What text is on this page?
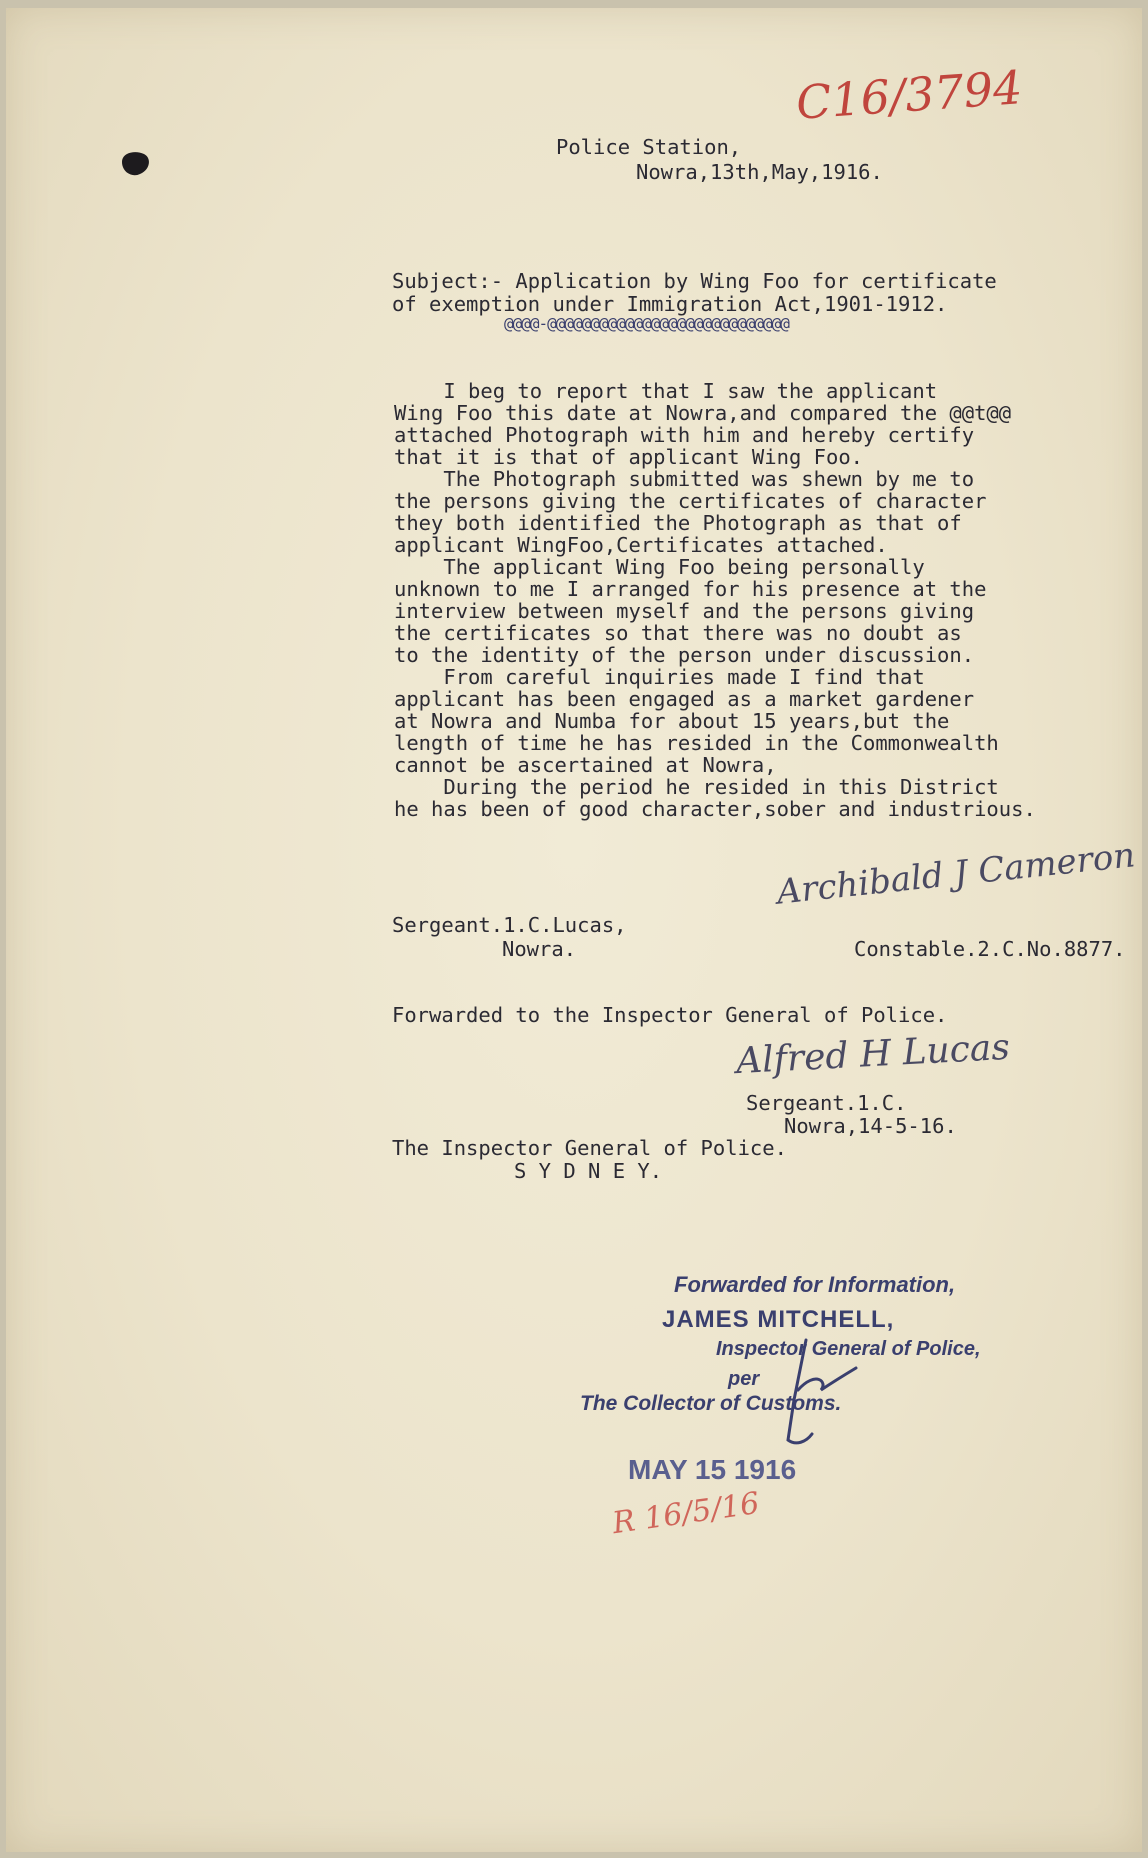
C16/3794
Police Station,
Nowra,13th,May,1916.
Subject:- Application by Wing Foo for certificate
of exemption under Immigration Act,1901-1912.
@@@@-@@@@@@@@@@@@@@@@@@@@@@@@@@@@
I beg to report that I saw the applicant
Wing Foo this date at Nowra,and compared the @@t@@
attached Photograph with him and hereby certify
that it is that of applicant Wing Foo.
The Photograph submitted was shewn by me to
the persons giving the certificates of character
they both identified the Photograph as that of
applicant WingFoo,Certificates attached.
The applicant Wing Foo being personally
unknown to me I arranged for his presence at the
interview between myself and the persons giving
the certificates so that there was no doubt as
to the identity of the person under discussion.
From careful inquiries made I find that
applicant has been engaged as a market gardener
at Nowra and Numba for about 15 years,but the
length of time he has resided in the Commonwealth
cannot be ascertained at Nowra,
During the period he resided in this District
he has been of good character,sober and industrious.
Archibald J Cameron
Sergeant.1.C.Lucas,
Nowra.	Constable.2.C.No.8877.
Forwarded to the Inspector General of Police.
Alfred H Lucas
Sergeant.1.C.
Nowra,14-5-16.
The Inspector General of Police.
S Y D N E Y.
Forwarded for Information,
JAMES MITCHELL,
Inspector General of Police,
per
The Collector of Customs.
MAY 15 1916
R 16/5/16
